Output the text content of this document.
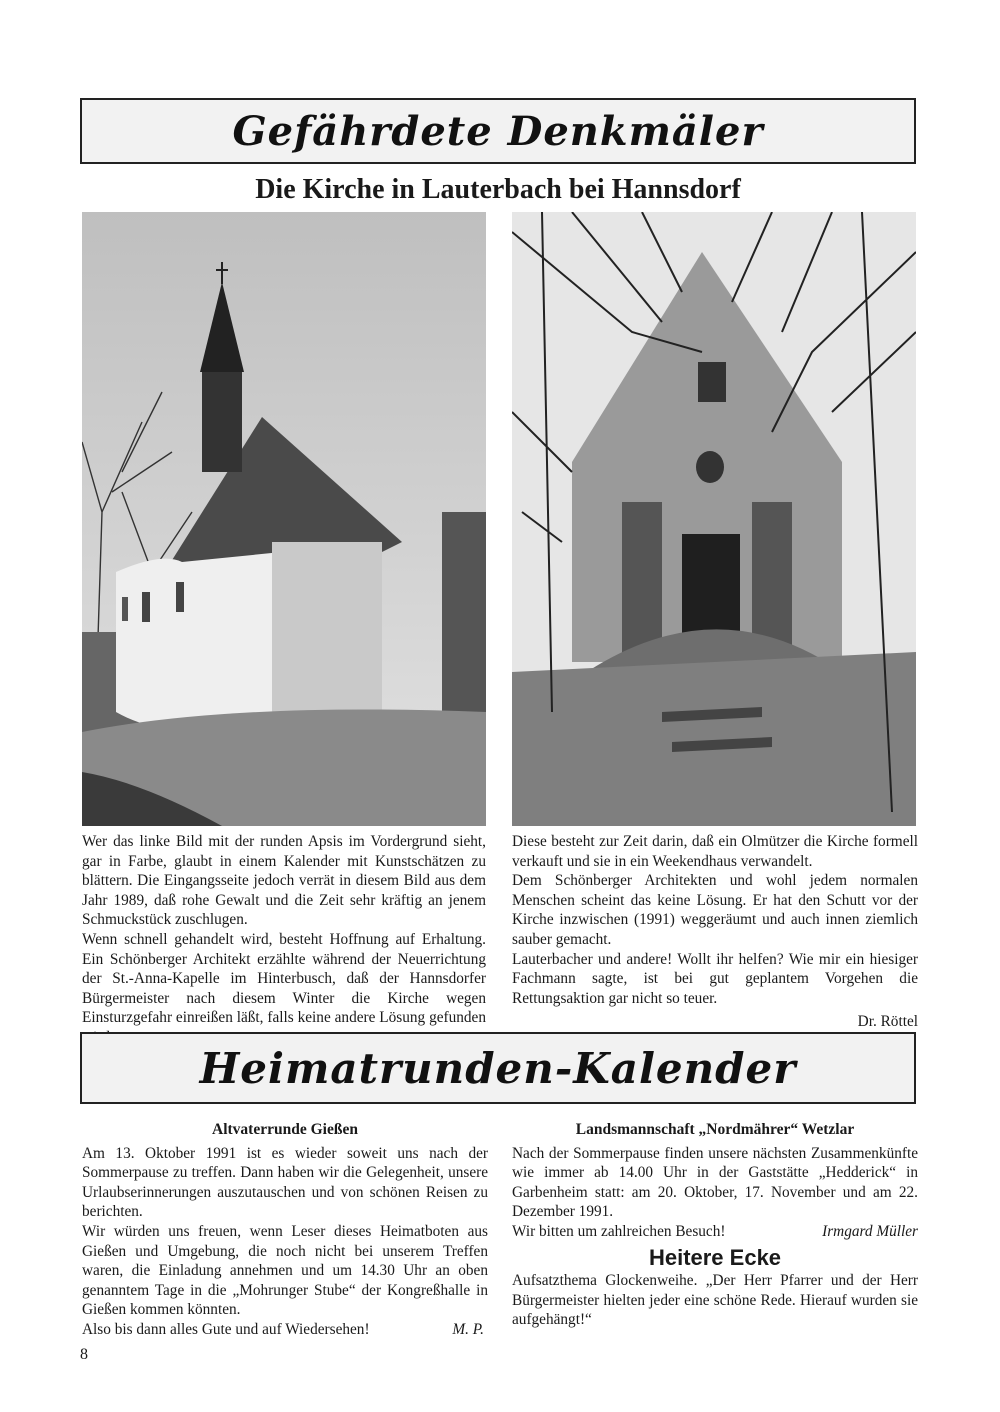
Gefährdete Denkmäler
Die Kirche in Lauterbach bei Hannsdorf

Wer das linke Bild mit der runden Apsis im Vordergrund sieht, gar in Farbe, glaubt in einem Kalender mit Kunstschätzen zu blättern. Die Eingangsseite jedoch verrät in diesem Bild aus dem Jahr 1989, daß rohe Gewalt und die Zeit sehr kräftig an jenem Schmuckstück zuschlugen.

Wenn schnell gehandelt wird, besteht Hoffnung auf Erhaltung. Ein Schönberger Architekt erzählte während der Neuerrichtung der St.-Anna-Kapelle im Hinterbusch, daß der Hannsdorfer Bürgermeister nach diesem Winter die Kirche wegen Einsturzgefahr einreißen läßt, falls keine andere Lösung gefunden

Diese besteht zur Zeit darin, daß ein Olmützer die Kirche formell verkauft und sie in ein Weekendhaus verwandelt.

Dem Schönberger Architekten und wohl jedem normalen Menschen scheint das keine Lösung. Er hat den Schutt vor der Kirche inzwischen (1991) weggeräumt und auch innen ziemlich sauber gemacht.

Lauterbacher und andere! Wollt ihr helfen? Wie mir ein hiesiger Fachmann sagte, ist bei gut geplantem Vorgehen die Rettungsaktion gar nicht so teuer.

Dr. Röttel
Heimatrunden-Kalender
Altvaterrunde Gießen

Am 13. Oktober 1991 ist es wieder soweit uns nach der Sommerpause zu treffen. Dann haben wir die Gelegenheit, unsere Urlaubserinnerungen auszutauschen und von schönen Reisen zu berichten.

Wir würden uns freuen, wenn Leser dieses Heimatboten aus Gießen und Umgebung, die noch nicht bei unserem Treffen waren, die Einladung annehmen und um 14.30 Uhr an oben genanntem Tage in die „Mohrunger Stube“ der Kongreßhalle in Gießen kommen könnten.

Also bis dann alles Gute und auf Wiedersehen!	M. P.
Landsmannschaft „Nordmährer“ Wetzlar

Nach der Sommerpause finden unsere nächsten Zusammenkünfte wie immer ab 14.00 Uhr in der Gaststätte „Hedderick“ in Garbenheim statt: am 20. Oktober, 17. November und am 22. Dezember 1991.

Wir bitten um zahlreichen Besuch!	Irmgard Müller
Heitere Ecke

Aufsatzthema Glockenweihe. „Der Herr Pfarrer und der Herr Bürgermeister hielten jeder eine schöne Rede. Hierauf wurden sie aufgehängt!“

8
